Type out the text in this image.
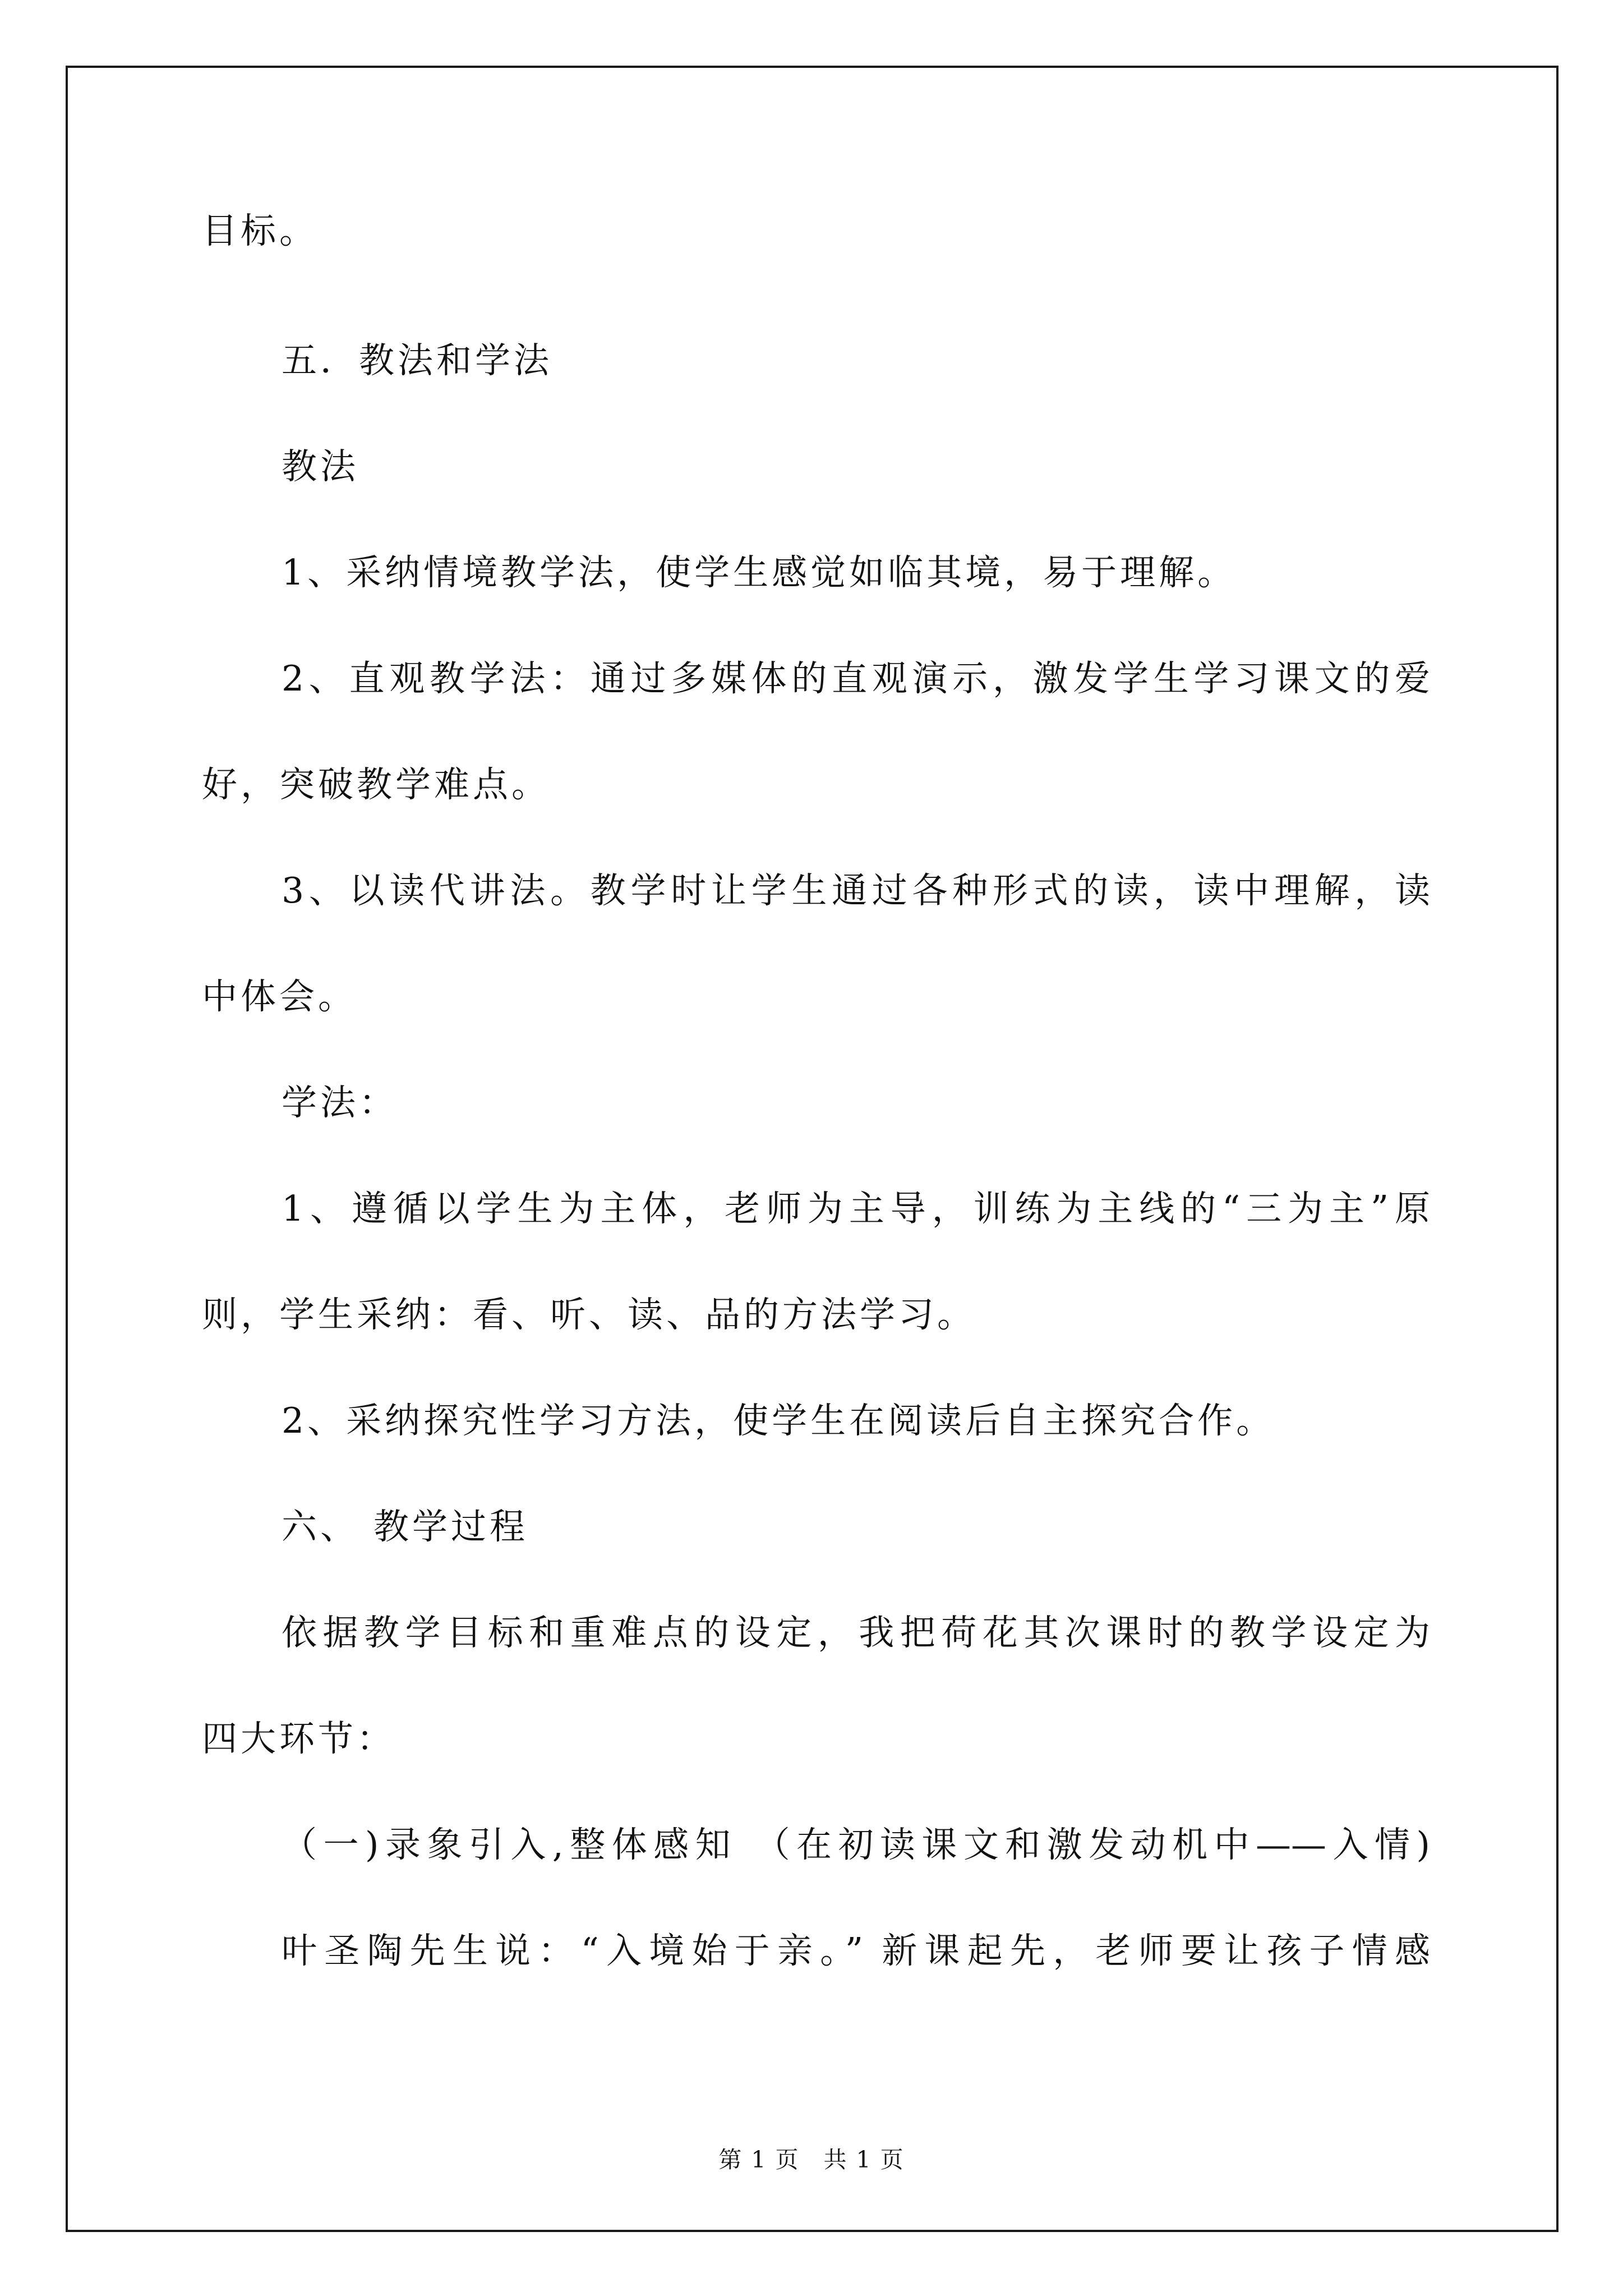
目标。
五．教法和学法
教法
1、采纳情境教学法，使学生感觉如临其境，易于理解。
2、直观教学法：通过多媒体的直观演示，激发学生学习课文的爱
好，突破教学难点。
3、以读代讲法。教学时让学生通过各种形式的读，读中理解，读
中体会。
学法：
1、遵循以学生为主体，老师为主导，训练为主线的“三为主”原
则，学生采纳：看、听、读、品的方法学习。
2、采纳探究性学习方法，使学生在阅读后自主探究合作。
六、 教学过程
依据教学目标和重难点的设定，我把荷花其次课时的教学设定为
四大环节：
（一)录象引入,整体感知 （在初读课文和激发动机中——入情)
叶圣陶先生说：“入境始于亲。” 新课起先，老师要让孩子情感
第 1 页　共 1 页
